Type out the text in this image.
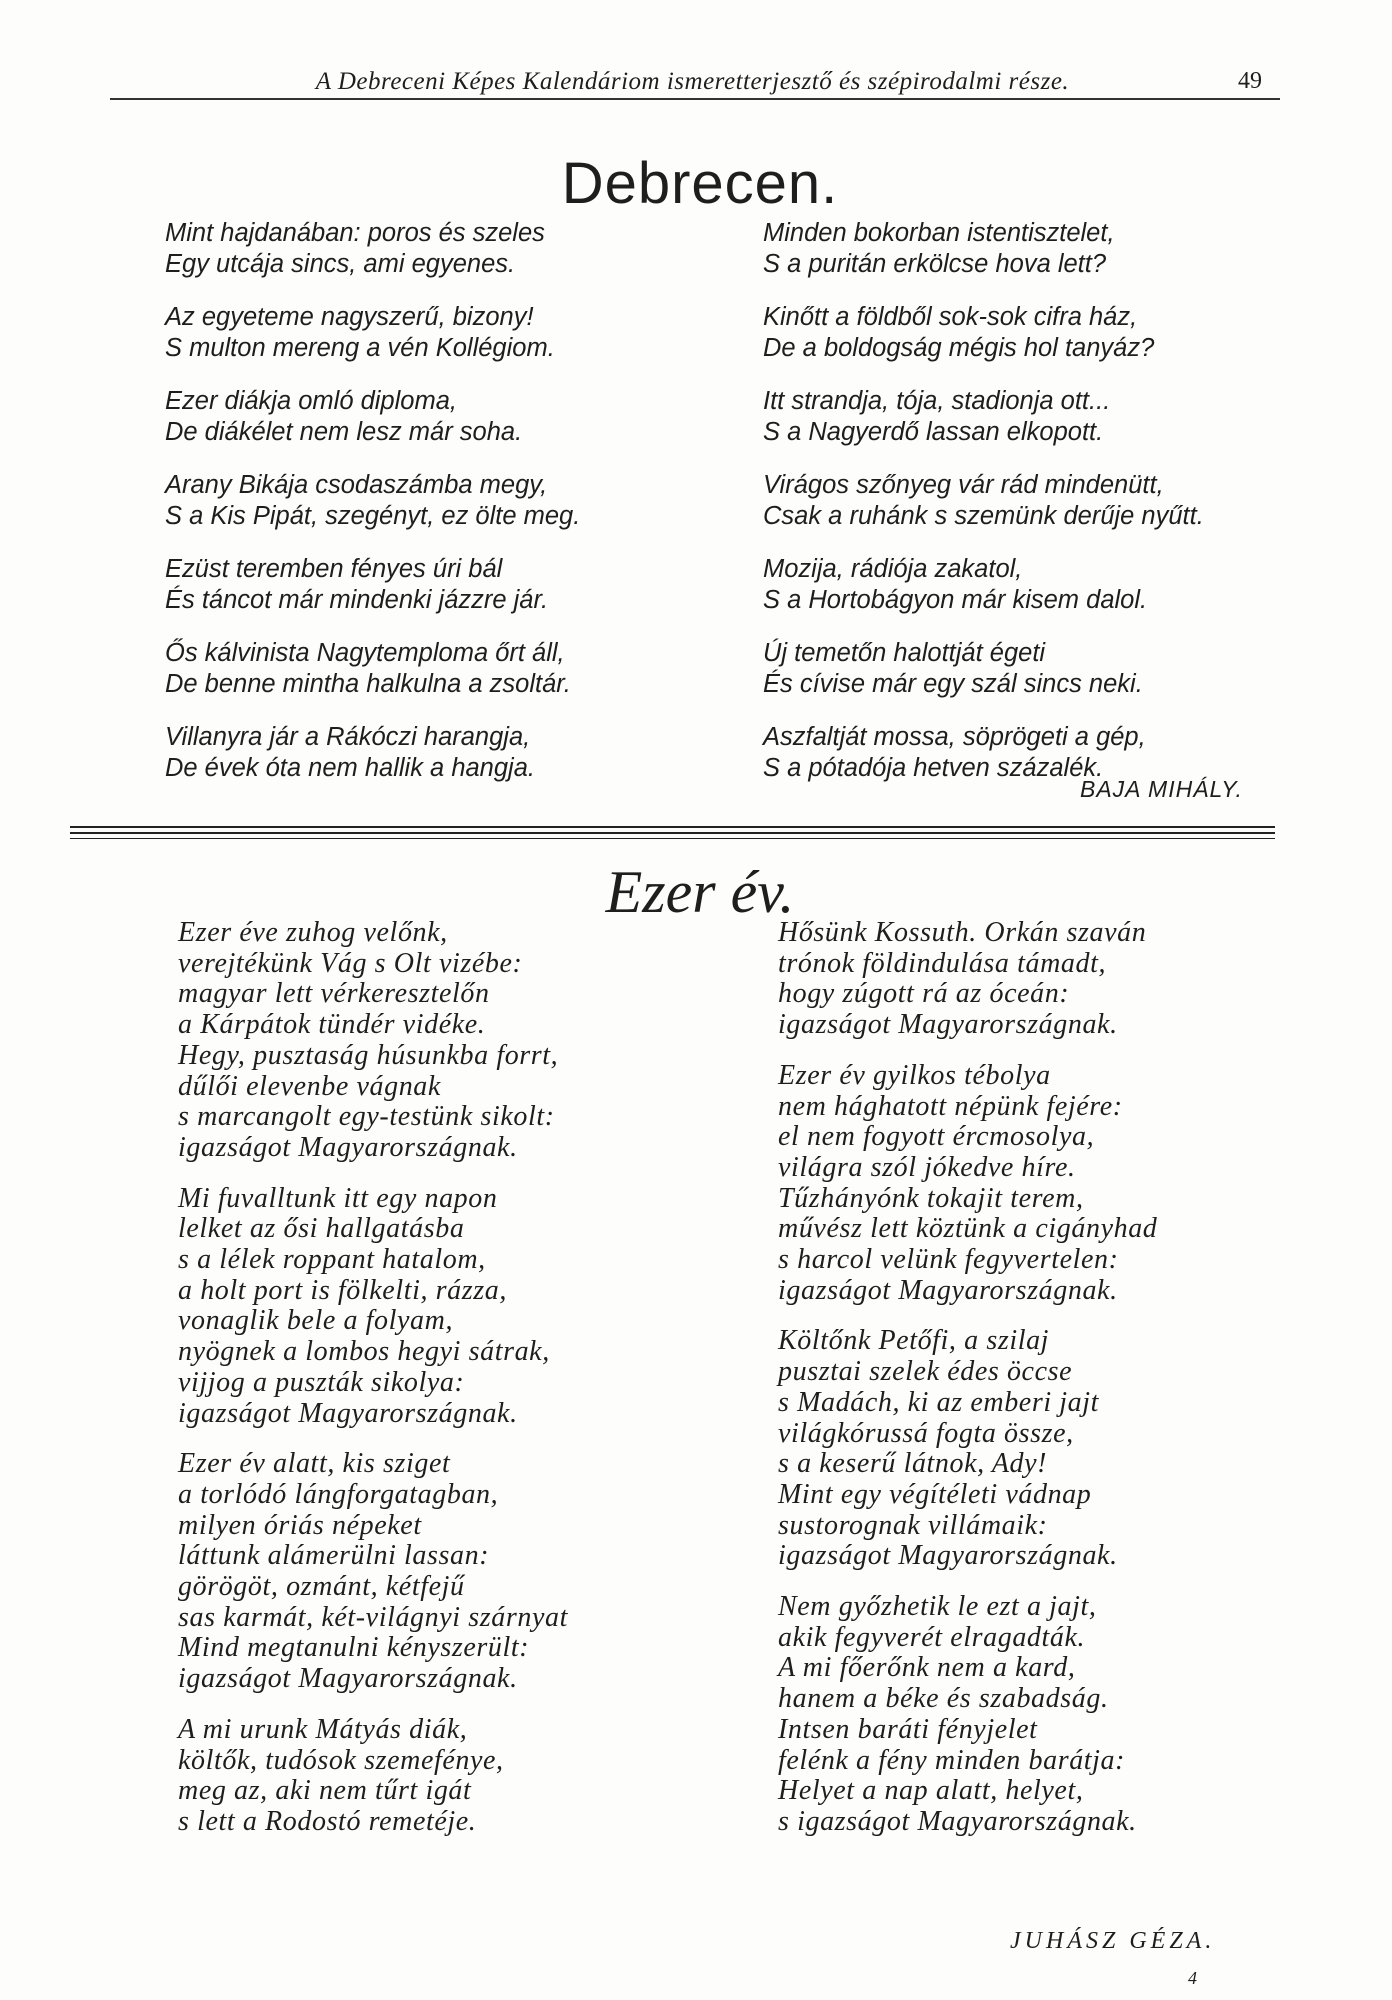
A Debreceni Képes Kalendáriom ismeretterjesztő és szépirodalmi része.	49
Debrecen.
Mint hajdanában: poros és szeles
Egy utcája sincs, ami egyenes.
Az egyeteme nagyszerű, bizony!
S multon mereng a vén Kollégiom.
Ezer diákja omló diploma,
De diákélet nem lesz már soha.
Arany Bikája csodaszámba megy,
S a Kis Pipát, szegényt, ez ölte meg.
Ezüst teremben fényes úri bál
És táncot már mindenki jázzre jár.
Ős kálvinista Nagytemploma őrt áll,
De benne mintha halkulna a zsoltár.
Villanyra jár a Rákóczi harangja,
De évek óta nem hallik a hangja.
Minden bokorban istentisztelet,
S a puritán erkölcse hova lett?
Kinőtt a földből sok-sok cifra ház,
De a boldogság mégis hol tanyáz?
Itt strandja, tója, stadionja ott...
S a Nagyerdő lassan elkopott.
Virágos szőnyeg vár rád mindenütt,
Csak a ruhánk s szemünk derűje nyűtt.
Mozija, rádiója zakatol,
S a Hortobágyon már kisem dalol.
Új temetőn halottját égeti
És cívise már egy szál sincs neki.
Aszfaltját mossa, söprögeti a gép,
S a pótadója hetven százalék.
BAJA MIHÁLY.
Ezer év.
Ezer éve zuhog velőnk,
verejtékünk Vág s Olt vizébe:
magyar lett vérkeresztelőn
a Kárpátok tündér vidéke.
Hegy, pusztaság húsunkba forrt,
dűlői elevenbe vágnak
s marcangolt egy-testünk sikolt:
igazságot Magyarországnak.
Mi fuvalltunk itt egy napon
lelket az ősi hallgatásba
s a lélek roppant hatalom,
a holt port is fölkelti, rázza,
vonaglik bele a folyam,
nyögnek a lombos hegyi sátrak,
vijjog a puszták sikolya:
igazságot Magyarországnak.
Ezer év alatt, kis sziget
a torlódó lángforgatagban,
milyen óriás népeket
láttunk alámerülni lassan:
görögöt, ozmánt, kétfejű
sas karmát, két-világnyi szárnyat
Mind megtanulni kényszerült:
igazságot Magyarországnak.
A mi urunk Mátyás diák,
költők, tudósok szemefénye,
meg az, aki nem tűrt igát
s lett a Rodostó remetéje.
Hősünk Kossuth. Orkán szaván
trónok földindulása támadt,
hogy zúgott rá az óceán:
igazságot Magyarországnak.
Ezer év gyilkos tébolya
nem hághatott népünk fejére:
el nem fogyott ércmosolya,
világra szól jókedve híre.
Tűzhányónk tokajit terem,
művész lett köztünk a cigányhad
s harcol velünk fegyvertelen:
igazságot Magyarországnak.
Költőnk Petőfi, a szilaj
pusztai szelek édes öccse
s Madách, ki az emberi jajt
világkórussá fogta össze,
s a keserű látnok, Ady!
Mint egy végítéleti vádnap
sustorognak villámaik:
igazságot Magyarországnak.
Nem győzhetik le ezt a jajt,
akik fegyverét elragadták.
A mi főerőnk nem a kard,
hanem a béke és szabadság.
Intsen baráti fényjelet
felénk a fény minden barátja:
Helyet a nap alatt, helyet,
s igazságot Magyarországnak.
JUHÁSZ GÉZA.
4
